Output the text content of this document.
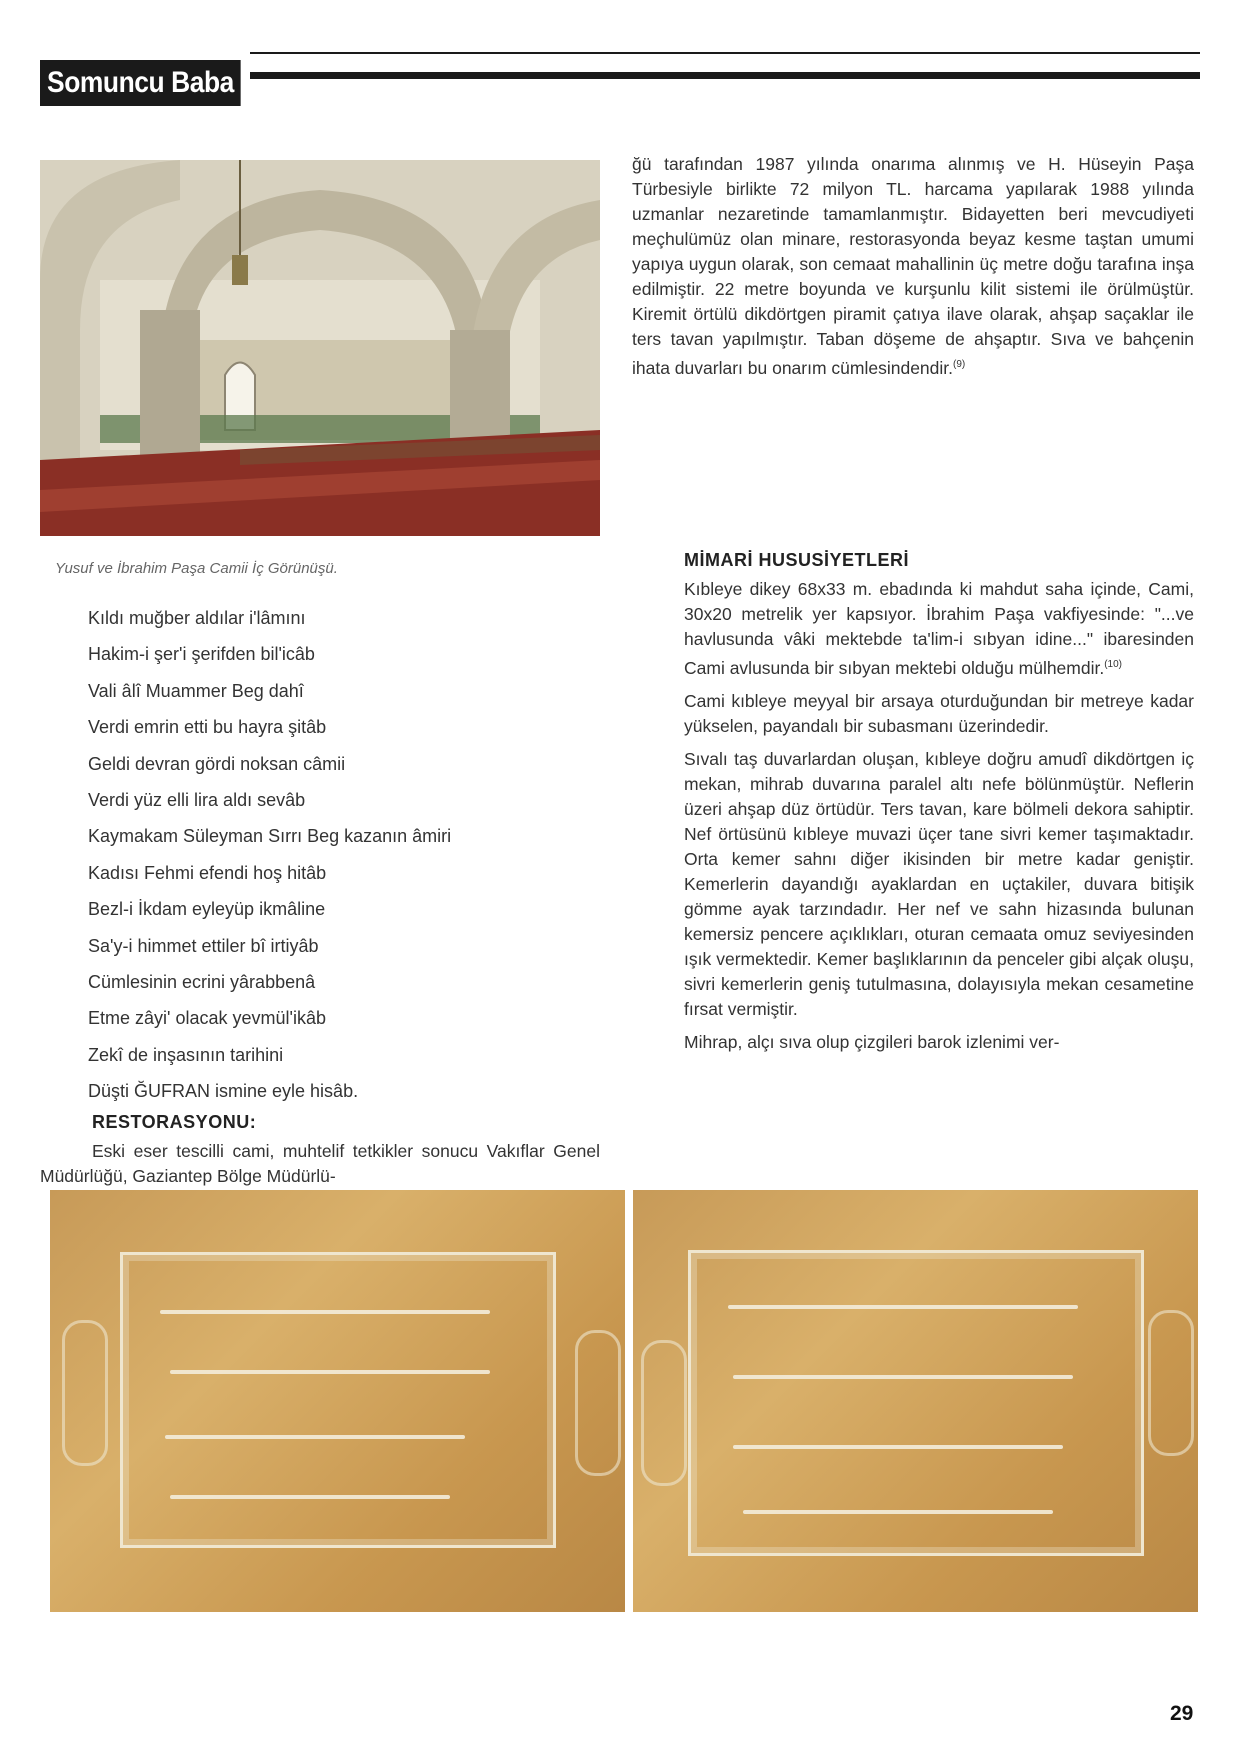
Somuncu Baba
Yusuf ve İbrahim Paşa Camii İç Görünüşü.

ğü tarafından 1987 yılında onarıma alınmış ve H. Hüseyin Paşa Türbesiyle birlikte 72 milyon TL. harcama yapılarak 1988 yılında uzmanlar nezaretinde tamamlanmıştır. Bidayetten beri mevcudiyeti meçhulümüz olan minare, restorasyonda beyaz kesme taştan umumi yapıya uygun olarak, son cemaat mahallinin üç metre doğu tarafına inşa edilmiştir. 22 metre boyunda ve kurşunlu kilit sistemi ile örülmüştür. Kiremit örtülü dikdörtgen piramit çatıya ilave olarak, ahşap saçaklar ile ters tavan yapılmıştır. Taban döşeme de ahşaptır. Sıva ve bahçenin ihata duvarları bu onarım cümlesindendir.$^{(9)}$

MİMARİ HUSUSİYETLERİ

Kıbleye dikey 68x33 m. ebadında ki mahdut saha içinde, Cami, 30x20 metrelik yer kapsıyor. İbrahim Paşa vakfiyesinde: "...ve havlusunda vâki mektebde ta'lim-i sıbyan idine..." ibaresinden Cami avlusunda bir sıbyan mektebi olduğu mülhemdir.$^{(10)}$

Cami kıbleye meyyal bir arsaya oturduğundan bir metreye kadar yükselen, payandalı bir subasmanı üzerindedir.

Sıvalı taş duvarlardan oluşan, kıbleye doğru amudî dikdörtgen iç mekan, mihrab duvarına paralel altı nefe bölünmüştür. Neflerin üzeri ahşap düz örtüdür. Ters tavan, kare bölmeli dekora sahiptir. Nef örtüsünü kıbleye muvazi üçer tane sivri kemer taşımaktadır. Orta kemer sahnı diğer ikisinden bir metre kadar geniştir. Kemerlerin dayandığı ayaklardan en uçtakiler, duvara bitişik gömme ayak tarzındadır. Her nef ve sahn hizasında bulunan kemersiz pencere açıklıkları, oturan cemaata omuz seviyesinden ışık vermektedir. Kemer başlıklarının da penceler gibi alçak oluşu, sivri kemerlerin geniş tutulmasına, dolayısıyla mekan cesametine fırsat vermiştir.

Mihrap, alçı sıva olup çizgileri barok izlenimi ver-

Kıldı muğber aldılar i'lâmını
Hakim-i şer'i şerifden bil'icâb
Vali âlî Muammer Beg dahî
Verdi emrin etti bu hayra şitâb
Geldi devran gördi noksan câmii
Verdi yüz elli lira aldı sevâb
Kaymakam Süleyman Sırrı Beg kazanın âmiri
Kadısı Fehmi efendi hoş hitâb
Bezl-i İkdam eyleyüp ikmâline
Sa'y-i himmet ettiler bî irtiyâb
Cümlesinin ecrini yârabbenâ
Etme zâyi' olacak yevmül'ikâb
Zekî de inşasının tarihini
Düşti ĞUFRAN ismine eyle hisâb.
RESTORASYONU:

Eski eser tescilli cami, muhtelif tetkikler sonucu Vakıflar Genel Müdürlüğü, Gaziantep Bölge Müdürlü-

29
